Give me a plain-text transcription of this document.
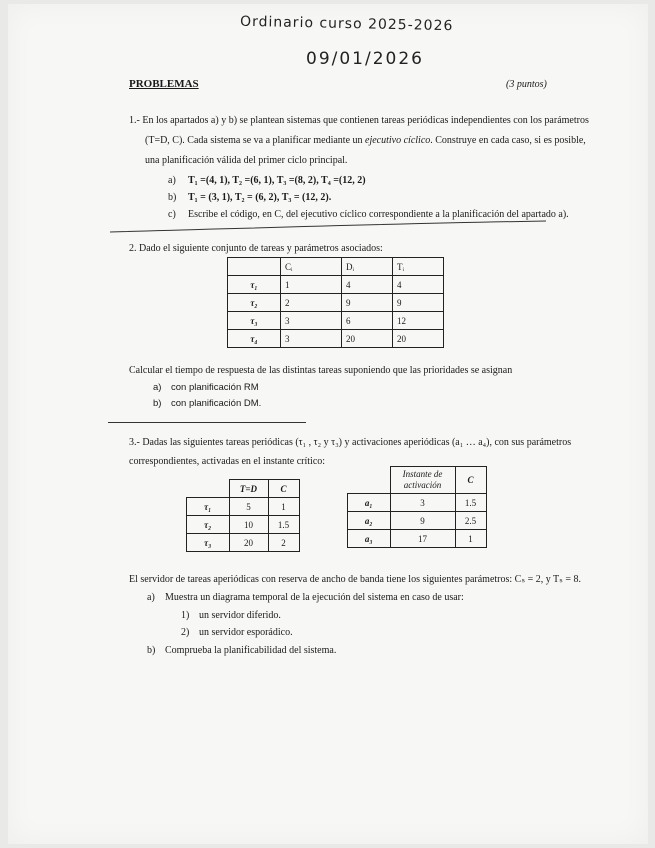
Ordinario curso 2025-2026
09/01/2026
PROBLEMAS	(3 puntos)
1.- En los apartados a) y b) se plantean sistemas que contienen tareas periódicas independientes con los parámetros
(T=D, C). Cada sistema se va a planificar mediante un ejecutivo cíclico. Construye en cada caso, si es posible,
una planificación válida del primer ciclo principal.
a) T₁ =(4, 1), T₂ =(6, 1), T₃ =(8, 2), T₄ =(12, 2)
b) T₁ = (3, 1), T₂ = (6, 2), T₃ = (12, 2).
c) Escribe el código, en C, del ejecutivo cíclico correspondiente a la planificación del apartado a).
2. Dado el siguiente conjunto de tareas y parámetros asociados:
	Cᵢ	Dᵢ	Tᵢ
τ₁	1	4	4
τ₂	2	9	9
τ₃	3	6	12
τ₄	3	20	20
Calcular el tiempo de respuesta de las distintas tareas suponiendo que las prioridades se asignan
a) con planificación RM
b) con planificación DM.
3.- Dadas las siguientes tareas periódicas (τ₁ , τ₂ y τ₃) y activaciones aperiódicas (a₁ … a₄), con sus parámetros
correspondientes, activadas en el instante crítico:
	T=D	C
τ₁	5	1
τ₂	10	1.5
τ₃	20	2
	Instante de activación	C
a₁	3	1.5
a₂	9	2.5
a₃	17	1
El servidor de tareas aperiódicas con reserva de ancho de banda tiene los siguientes parámetros: Cₛ = 2, y Tₛ = 8.
a) Muestra un diagrama temporal de la ejecución del sistema en caso de usar:
1) un servidor diferido.
2) un servidor esporádico.
b) Comprueba la planificabilidad del sistema.
